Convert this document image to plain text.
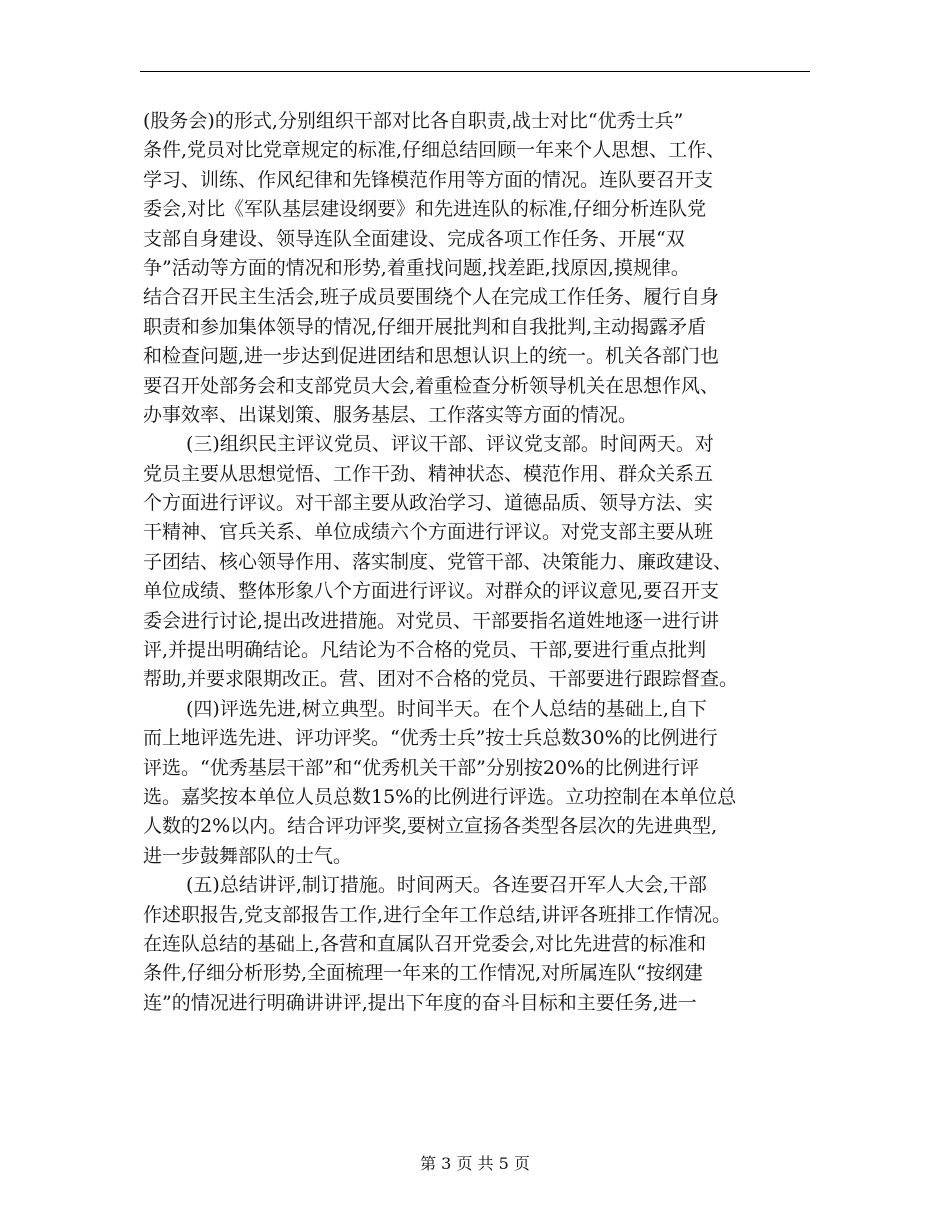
(股务会)的形式,分别组织干部对比各自职责,战士对比“优秀士兵”
条件,党员对比党章规定的标准,仔细总结回顾一年来个人思想、工作、
学习、训练、作风纪律和先锋模范作用等方面的情况。连队要召开支
委会,对比《军队基层建设纲要》和先进连队的标准,仔细分析连队党
支部自身建设、领导连队全面建设、完成各项工作任务、开展“双
争”活动等方面的情况和形势,着重找问题,找差距,找原因,摸规律。
结合召开民主生活会,班子成员要围绕个人在完成工作任务、履行自身
职责和参加集体领导的情况,仔细开展批判和自我批判,主动揭露矛盾
和检查问题,进一步达到促进团结和思想认识上的统一。机关各部门也
要召开处部务会和支部党员大会,着重检查分析领导机关在思想作风、
办事效率、出谋划策、服务基层、工作落实等方面的情况。
(三)组织民主评议党员、评议干部、评议党支部。时间两天。对
党员主要从思想觉悟、工作干劲、精神状态、模范作用、群众关系五
个方面进行评议。对干部主要从政治学习、道德品质、领导方法、实
干精神、官兵关系、单位成绩六个方面进行评议。对党支部主要从班
子团结、核心领导作用、落实制度、党管干部、决策能力、廉政建设、
单位成绩、整体形象八个方面进行评议。对群众的评议意见,要召开支
委会进行讨论,提出改进措施。对党员、干部要指名道姓地逐一进行讲
评,并提出明确结论。凡结论为不合格的党员、干部,要进行重点批判
帮助,并要求限期改正。营、团对不合格的党员、干部要进行跟踪督查。
(四)评选先进,树立典型。时间半天。在个人总结的基础上,自下
而上地评选先进、评功评奖。“优秀士兵”按士兵总数30%的比例进行
评选。“优秀基层干部”和“优秀机关干部”分别按20%的比例进行评
选。嘉奖按本单位人员总数15%的比例进行评选。立功控制在本单位总
人数的2%以内。结合评功评奖,要树立宣扬各类型各层次的先进典型,
进一步鼓舞部队的士气。
(五)总结讲评,制订措施。时间两天。各连要召开军人大会,干部
作述职报告,党支部报告工作,进行全年工作总结,讲评各班排工作情况。
在连队总结的基础上,各营和直属队召开党委会,对比先进营的标准和
条件,仔细分析形势,全面梳理一年来的工作情况,对所属连队“按纲建
连”的情况进行明确讲讲评,提出下年度的奋斗目标和主要任务,进一
第 3 页 共 5 页
